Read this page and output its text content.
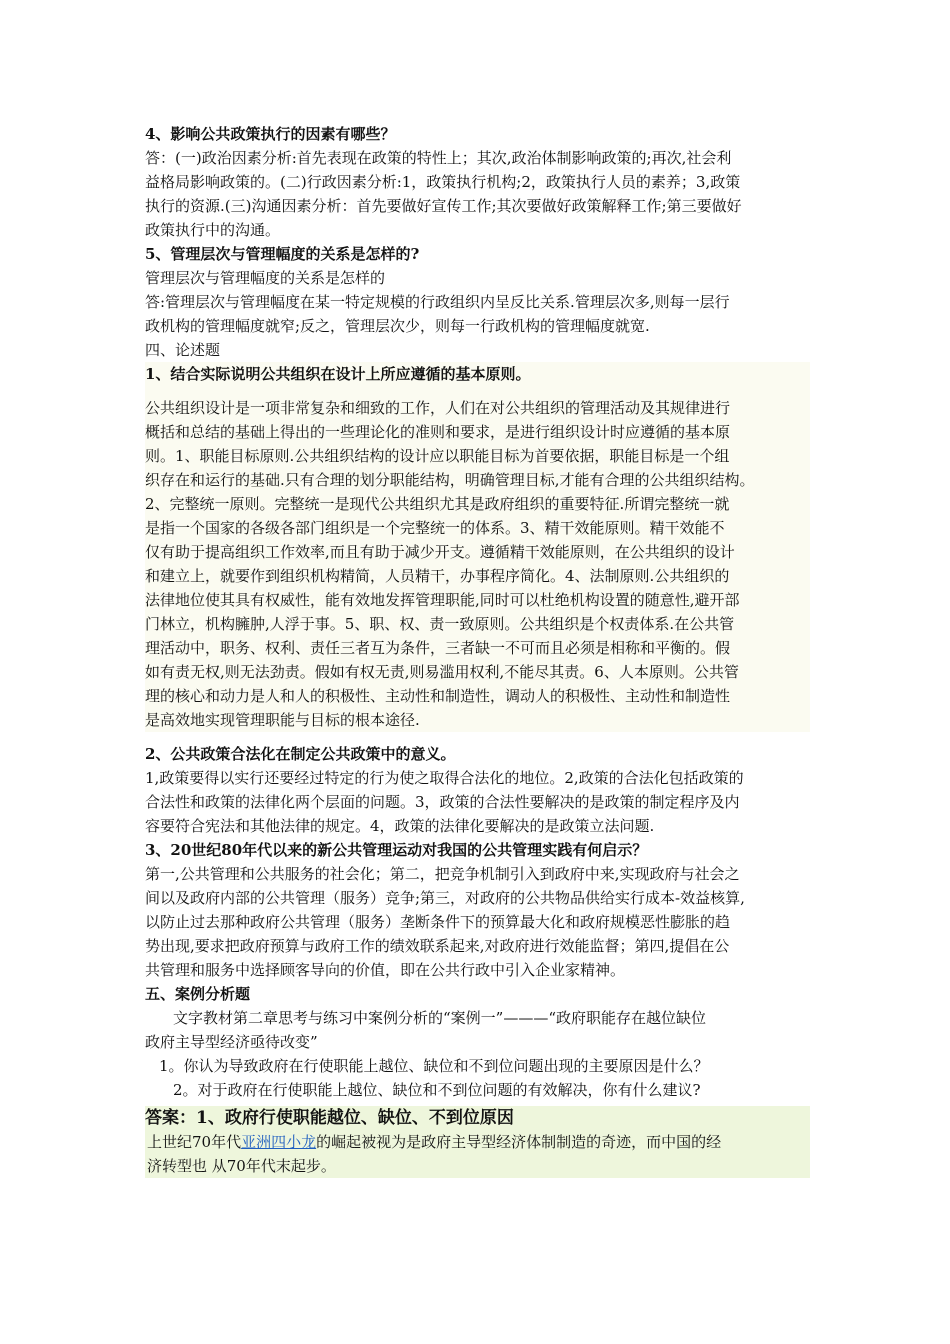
4、影响公共政策执行的因素有哪些？
答：(一)政治因素分析:首先表现在政策的特性上；其次,政治体制影响政策的;再次,社会利
益格局影响政策的。(二)行政因素分析:1，政策执行机构;2，政策执行人员的素养；3,政策
执行的资源.(三)沟通因素分析：首先要做好宣传工作;其次要做好政策解释工作;第三要做好
政策执行中的沟通。
5、管理层次与管理幅度的关系是怎样的?
管理层次与管理幅度的关系是怎样的
答:管理层次与管理幅度在某一特定规模的行政组织内呈反比关系.管理层次多,则每一层行
政机构的管理幅度就窄;反之，管理层次少，则每一行政机构的管理幅度就宽.
四、论述题
1、结合实际说明公共组织在设计上所应遵循的基本原则。
公共组织设计是一项非常复杂和细致的工作，人们在对公共组织的管理活动及其规律进行
概括和总结的基础上得出的一些理论化的准则和要求，是进行组织设计时应遵循的基本原
则。1、职能目标原则.公共组织结构的设计应以职能目标为首要依据，职能目标是一个组
织存在和运行的基础.只有合理的划分职能结构，明确管理目标,才能有合理的公共组织结构。
2、完整统一原则。完整统一是现代公共组织尤其是政府组织的重要特征.所谓完整统一就
是指一个国家的各级各部门组织是一个完整统一的体系。3、精干效能原则。精干效能不
仅有助于提高组织工作效率,而且有助于减少开支。遵循精干效能原则，在公共组织的设计
和建立上，就要作到组织机构精简，人员精干，办事程序简化。4、法制原则.公共组织的
法律地位使其具有权威性，能有效地发挥管理职能,同时可以杜绝机构设置的随意性,避开部
门林立，机构臃肿,人浮于事。5、职、权、责一致原则。公共组织是个权责体系.在公共管
理活动中，职务、权利、责任三者互为条件，三者缺一不可而且必须是相称和平衡的。假
如有责无权,则无法劲责。假如有权无责,则易滥用权利,不能尽其责。6、人本原则。公共管
理的核心和动力是人和人的积极性、主动性和制造性，调动人的积极性、主动性和制造性
是高效地实现管理职能与目标的根本途径.
2、公共政策合法化在制定公共政策中的意义。
1,政策要得以实行还要经过特定的行为使之取得合法化的地位。2,政策的合法化包括政策的
合法性和政策的法律化两个层面的问题。3，政策的合法性要解决的是政策的制定程序及内
容要符合宪法和其他法律的规定。4，政策的法律化要解决的是政策立法问题.
3、20世纪80年代以来的新公共管理运动对我国的公共管理实践有何启示？
第一,公共管理和公共服务的社会化；第二，把竞争机制引入到政府中来,实现政府与社会之
间以及政府内部的公共管理（服务）竞争;第三，对政府的公共物品供给实行成本-效益核算,
以防止过去那种政府公共管理（服务）垄断条件下的预算最大化和政府规模恶性膨胀的趋
势出现,要求把政府预算与政府工作的绩效联系起来,对政府进行效能监督；第四,提倡在公
共管理和服务中选择顾客导向的价值，即在公共行政中引入企业家精神。
五、案例分析题
文字教材第二章思考与练习中案例分析的“案例一”———“政府职能存在越位缺位
政府主导型经济亟待改变”
1。你认为导致政府在行使职能上越位、缺位和不到位问题出现的主要原因是什么？
2。对于政府在行使职能上越位、缺位和不到位问题的有效解决，你有什么建议?
答案：1、政府行使职能越位、缺位、不到位原因
上世纪70年代亚洲四小龙的崛起被视为是政府主导型经济体制制造的奇迹，而中国的经
济转型也 从70年代末起步。
